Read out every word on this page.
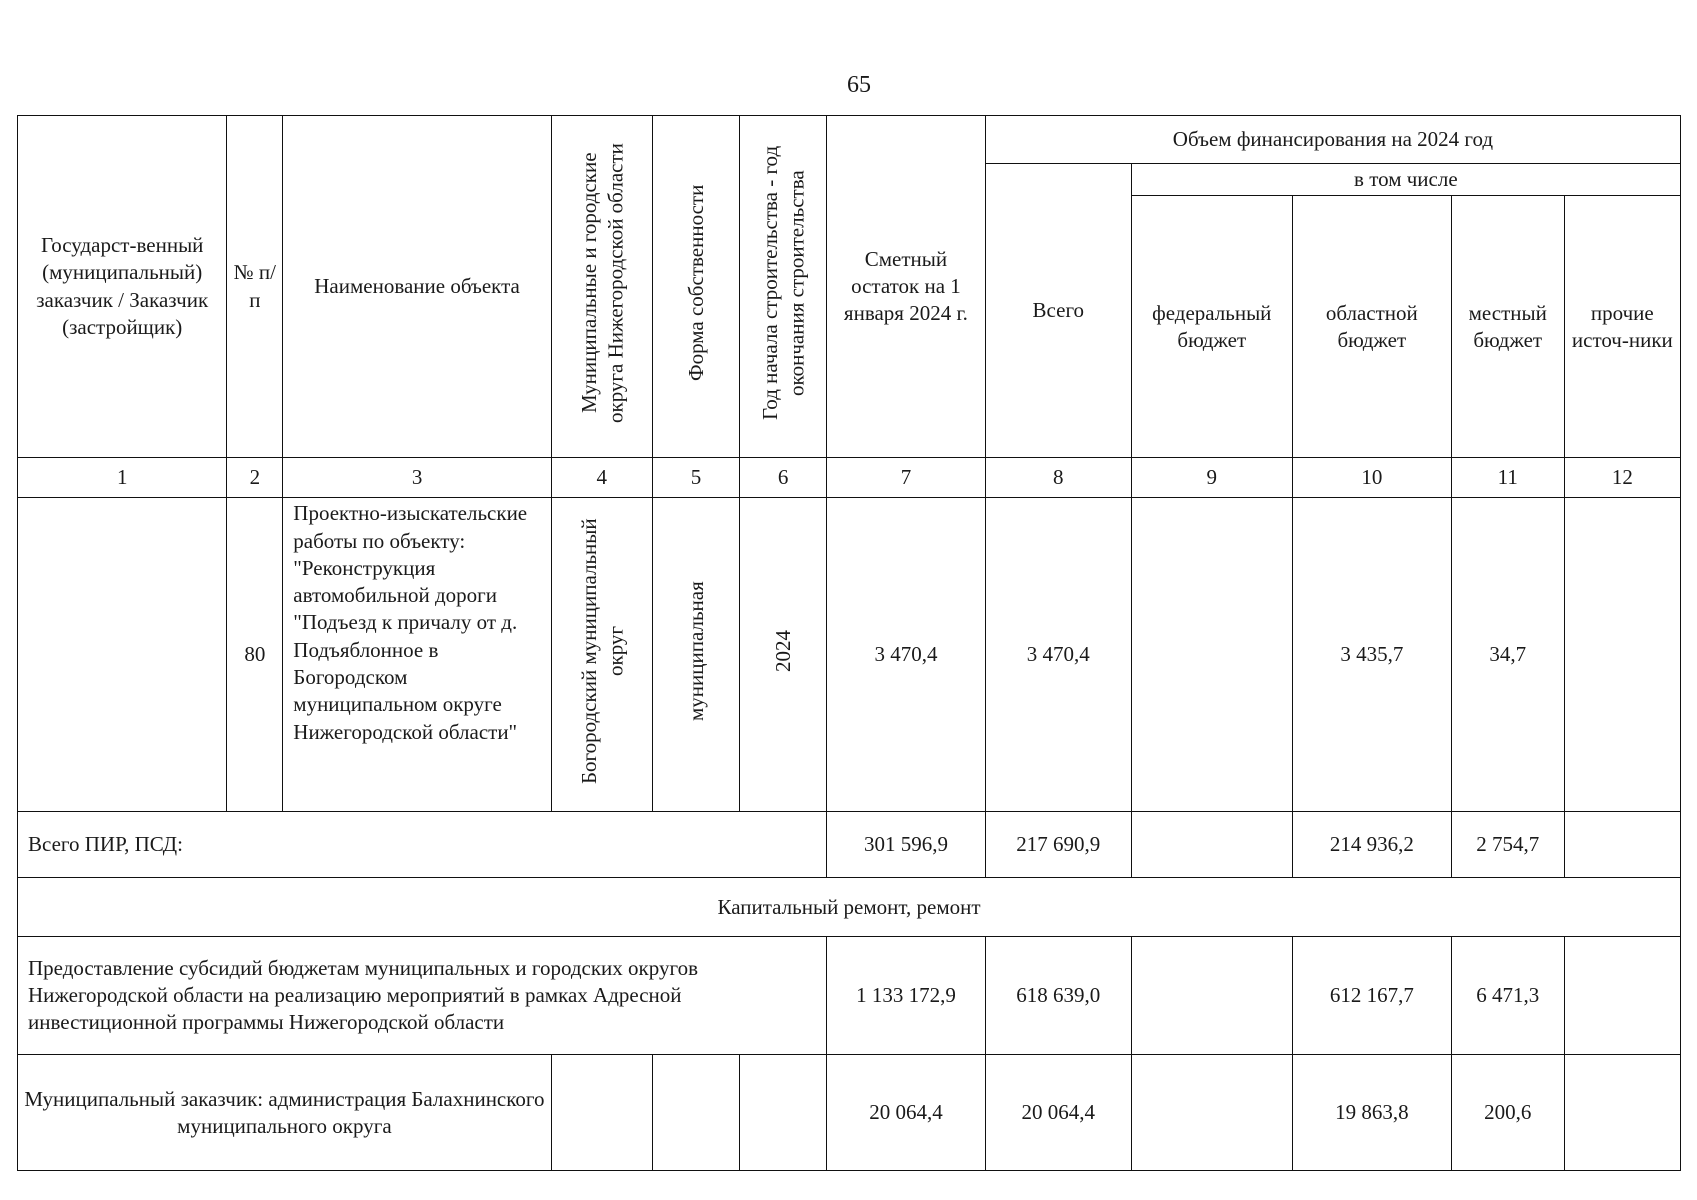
65
Государст-венный (муниципальный) заказчик / Заказчик (застройщик)	№ п/п	Наименование объекта	Муниципальные и городские округа Нижегородской области	Форма собственности	Год начала строительства - год окончания строительства	Сметный остаток на 1 января 2024 г.	Объем финансирования на 2024 год				
							Всего	в том числе			
								федеральный бюджет	областной бюджет	местный бюджет	прочие источ-ники
1	2	3	4	5	6	7	8	9	10	11	12
	80	Проектно-изыскательские работы по объекту: "Реконструкция автомобильной дороги "Подъезд к причалу от д. Подъяблонное в Богородском муниципальном округе Нижегородской области"	Богородский муниципальный округ	муниципальная	2024	3 470,4	3 470,4		3 435,7	34,7	
Всего ПИР, ПСД:						301 596,9	217 690,9		214 936,2	2 754,7	
Капитальный ремонт, ремонт											
Предоставление субсидий бюджетам муниципальных и городских округов Нижегородской области на реализацию мероприятий в рамках Адресной инвестиционной программы Нижегородской области						1 133 172,9	618 639,0		612 167,7	6 471,3	
Муниципальный заказчик: администрация Балахнинского муниципального округа						20 064,4	20 064,4		19 863,8	200,6	
